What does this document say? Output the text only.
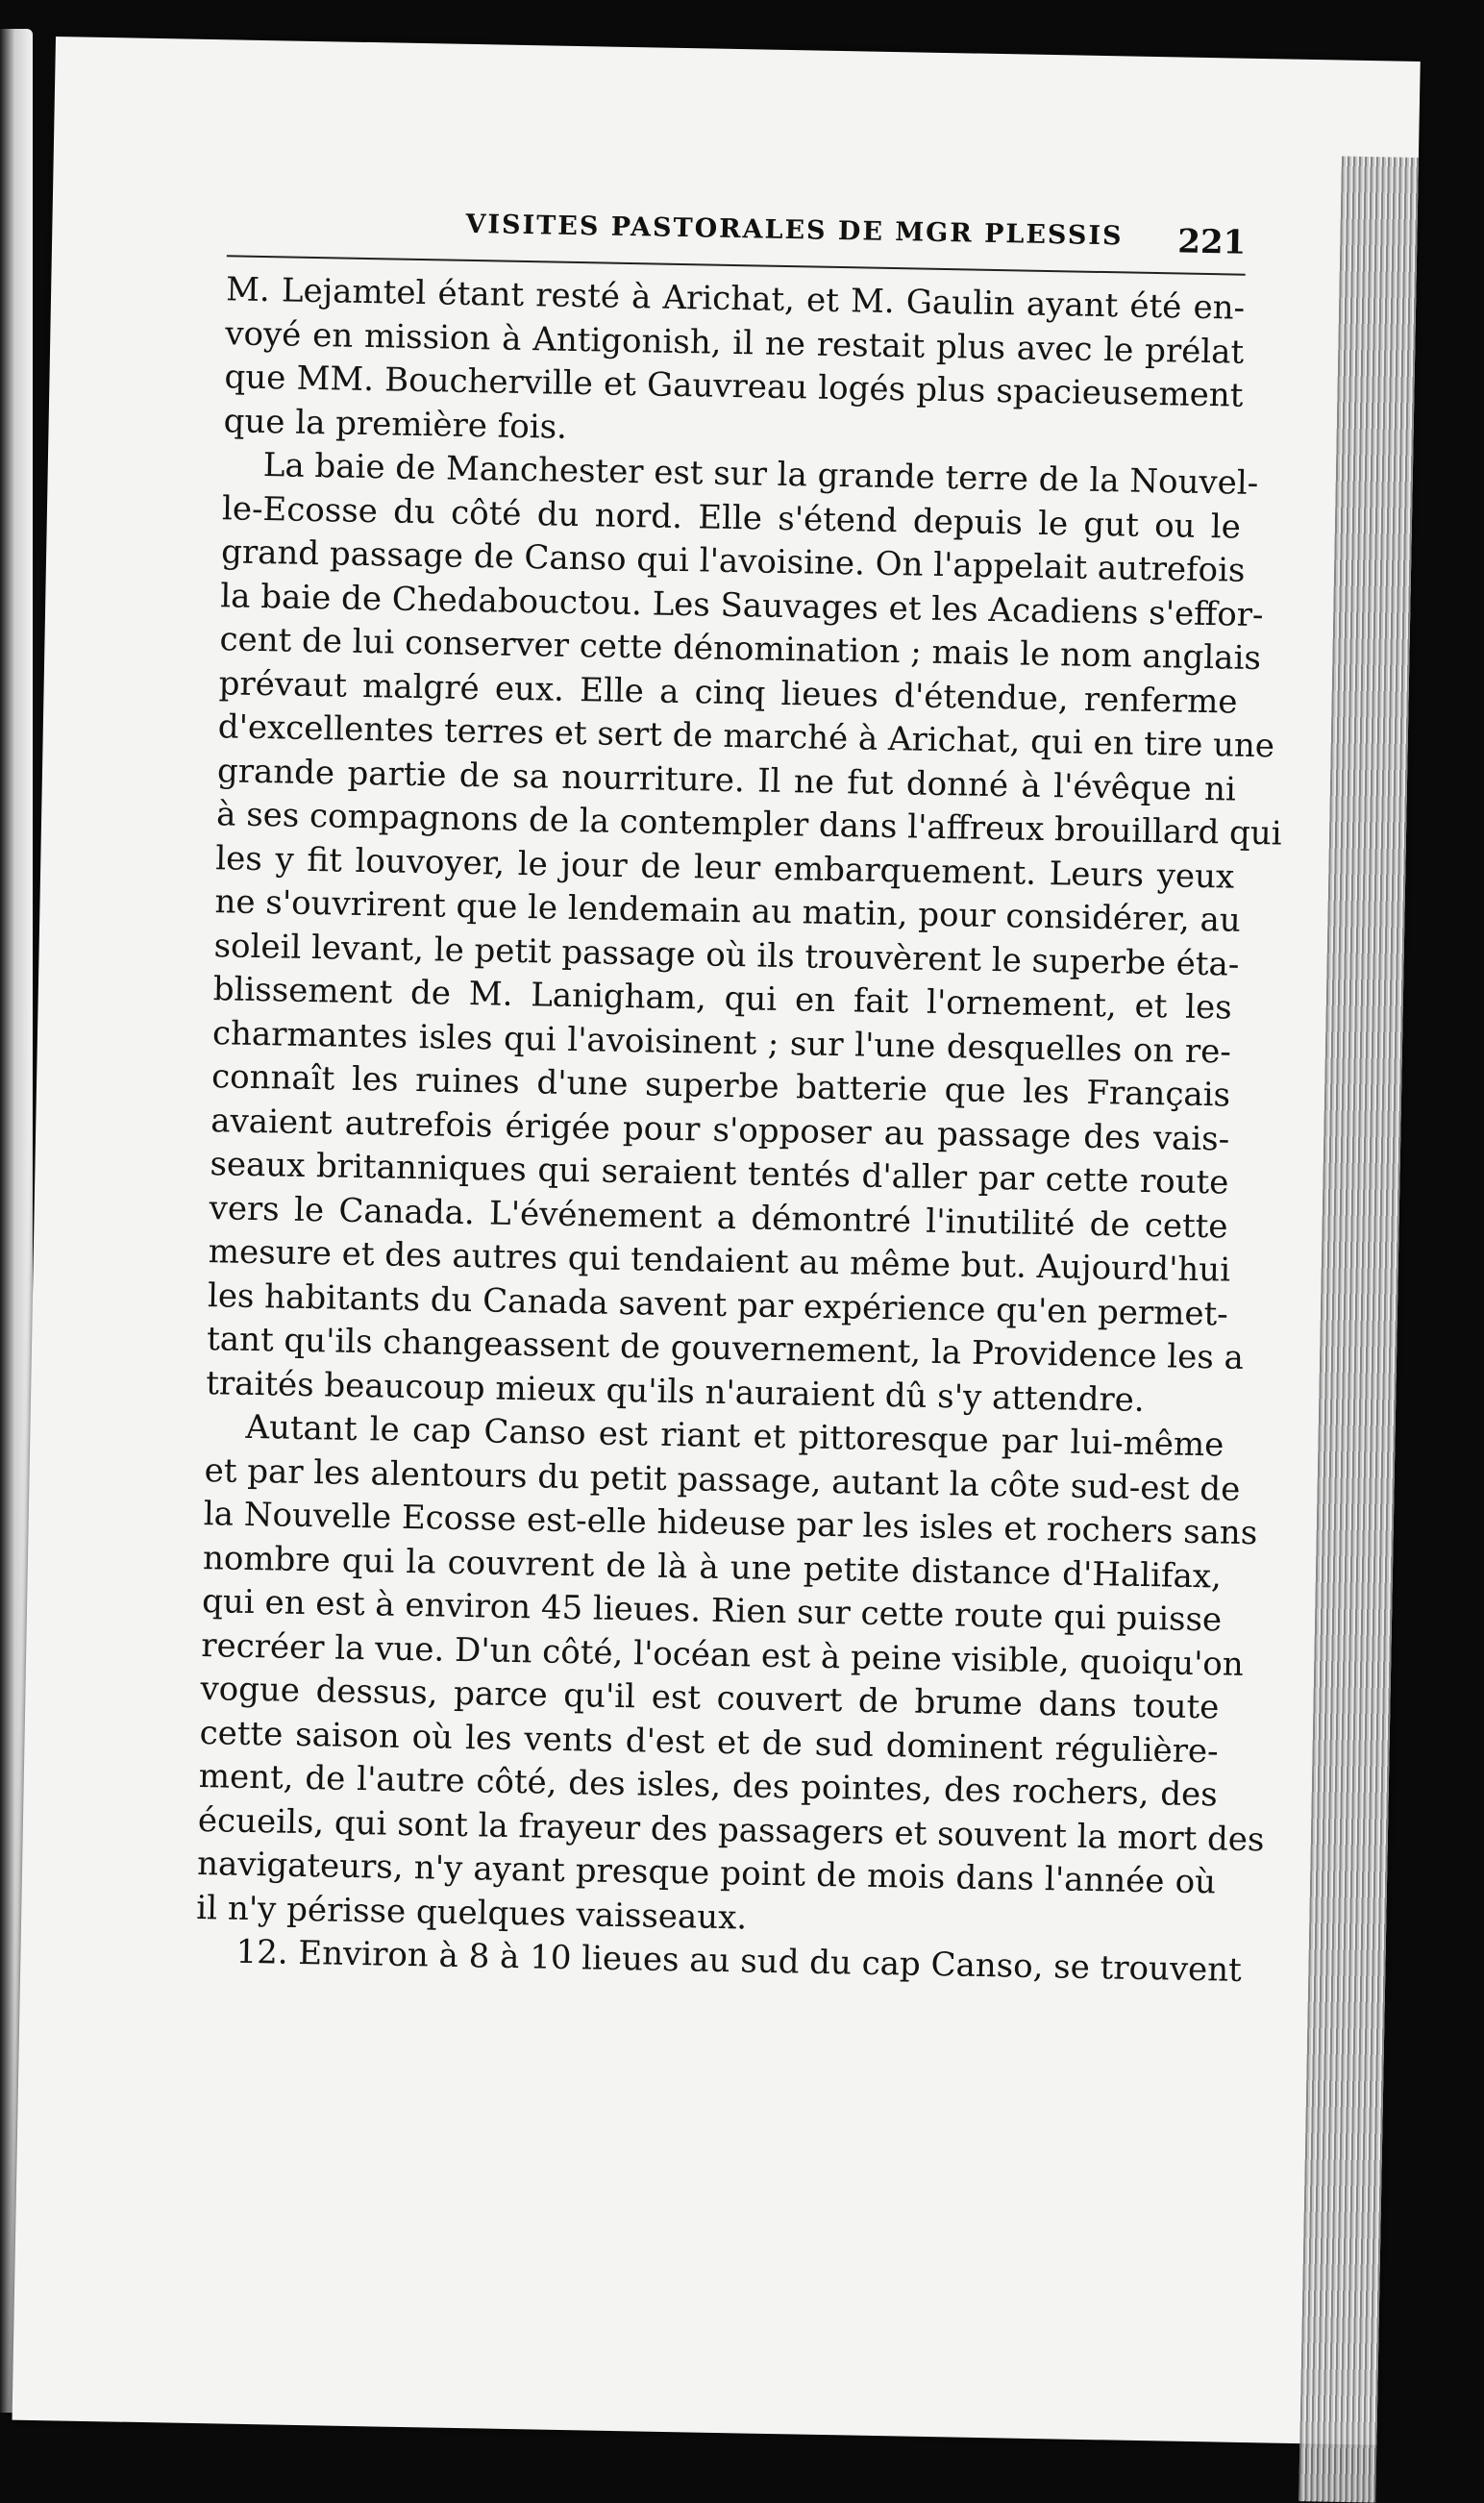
VISITES PASTORALES DE MGR PLESSIS 221
M. Lejamtel étant resté à Arichat, et M. Gaulin ayant été en-
voyé en mission à Antigonish, il ne restait plus avec le prélat
que MM. Boucherville et Gauvreau logés plus spacieusement
que la première fois.
La baie de Manchester est sur la grande terre de la Nouvel-
le-Ecosse du côté du nord. Elle s'étend depuis le gut ou le
grand passage de Canso qui l'avoisine. On l'appelait autrefois
la baie de Chedabouctou. Les Sauvages et les Acadiens s'effor-
cent de lui conserver cette dénomination ; mais le nom anglais
prévaut malgré eux. Elle a cinq lieues d'étendue, renferme
d'excellentes terres et sert de marché à Arichat, qui en tire une
grande partie de sa nourriture. Il ne fut donné à l'évêque ni
à ses compagnons de la contempler dans l'affreux brouillard qui
les y fit louvoyer, le jour de leur embarquement. Leurs yeux
ne s'ouvrirent que le lendemain au matin, pour considérer, au
soleil levant, le petit passage où ils trouvèrent le superbe éta-
blissement de M. Lanigham, qui en fait l'ornement, et les
charmantes isles qui l'avoisinent ; sur l'une desquelles on re-
connaît les ruines d'une superbe batterie que les Français
avaient autrefois érigée pour s'opposer au passage des vais-
seaux britanniques qui seraient tentés d'aller par cette route
vers le Canada. L'événement a démontré l'inutilité de cette
mesure et des autres qui tendaient au même but. Aujourd'hui
les habitants du Canada savent par expérience qu'en permet-
tant qu'ils changeassent de gouvernement, la Providence les a
traités beaucoup mieux qu'ils n'auraient dû s'y attendre.
Autant le cap Canso est riant et pittoresque par lui-même
et par les alentours du petit passage, autant la côte sud-est de
la Nouvelle Ecosse est-elle hideuse par les isles et rochers sans
nombre qui la couvrent de là à une petite distance d'Halifax,
qui en est à environ 45 lieues. Rien sur cette route qui puisse
recréer la vue. D'un côté, l'océan est à peine visible, quoiqu'on
vogue dessus, parce qu'il est couvert de brume dans toute
cette saison où les vents d'est et de sud dominent régulière-
ment, de l'autre côté, des isles, des pointes, des rochers, des
écueils, qui sont la frayeur des passagers et souvent la mort des
navigateurs, n'y ayant presque point de mois dans l'année où
il n'y périsse quelques vaisseaux.
12. Environ à 8 à 10 lieues au sud du cap Canso, se trouvent
